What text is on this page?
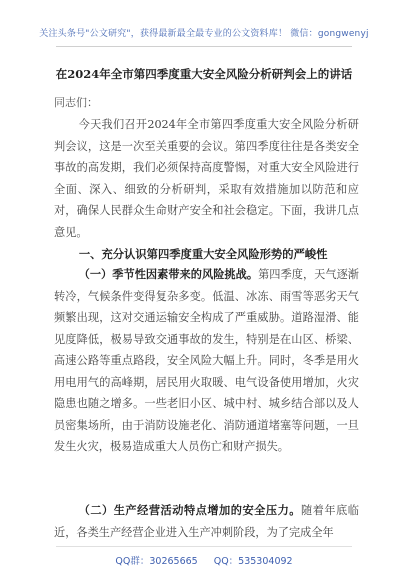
关注头条号"公文研究"，获得最新最全最专业的公文资料库！ 微信：gongwenyj
在2024年全市第四季度重大安全风险分析研判会上的讲话
同志们：

今天我们召开2024年全市第四季度重大安全风险分析研判会议，这是一次至关重要的会议。第四季度往往是各类安全事故的高发期，我们必须保持高度警惕，对重大安全风险进行全面、深入、细致的分析研判，采取有效措施加以防范和应对，确保人民群众生命财产安全和社会稳定。下面，我讲几点意见。

一、充分认识第四季度重大安全风险形势的严峻性

（一）季节性因素带来的风险挑战。第四季度，天气逐渐转冷，气候条件变得复杂多变。低温、冰冻、雨雪等恶劣天气频繁出现，这对交通运输安全构成了严重威胁。道路湿滑、能见度降低，极易导致交通事故的发生，特别是在山区、桥梁、高速公路等重点路段，安全风险大幅上升。同时，冬季是用火用电用气的高峰期，居民用火取暖、电气设备使用增加，火灾隐患也随之增多。一些老旧小区、城中村、城乡结合部以及人员密集场所，由于消防设施老化、消防通道堵塞等问题，一旦发生火灾，极易造成重大人员伤亡和财产损失。

（二）生产经营活动特点增加的安全压力。随着年底临近，各类生产经营企业进入生产冲刺阶段，为了完成全年

QQ群：30265665 QQ：535304092
